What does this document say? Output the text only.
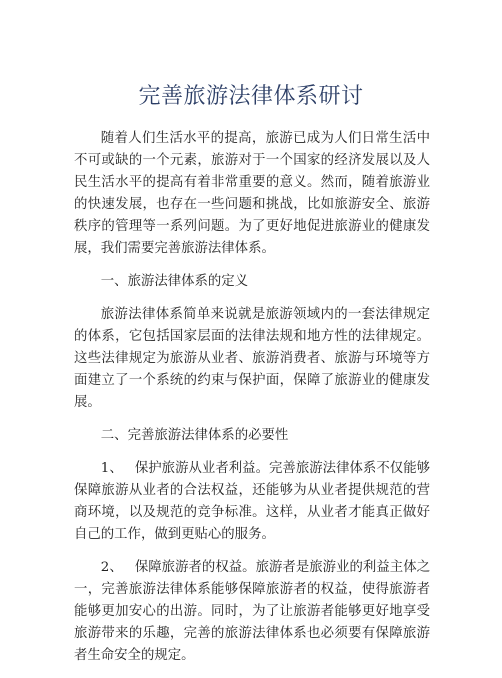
完善旅游法律体系研讨

随着人们生活水平的提高，旅游已成为人们日常生活中不可或缺的一个元素，旅游对于一个国家的经济发展以及人民生活水平的提高有着非常重要的意义。然而，随着旅游业的快速发展，也存在一些问题和挑战，比如旅游安全、旅游秩序的管理等一系列问题。为了更好地促进旅游业的健康发展，我们需要完善旅游法律体系。

一、旅游法律体系的定义

旅游法律体系简单来说就是旅游领域内的一套法律规定的体系，它包括国家层面的法律法规和地方性的法律规定。这些法律规定为旅游从业者、旅游消费者、旅游与环境等方面建立了一个系统的约束与保护面，保障了旅游业的健康发展。

二、完善旅游法律体系的必要性

1、 保护旅游从业者利益。完善旅游法律体系不仅能够保障旅游从业者的合法权益，还能够为从业者提供规范的营商环境，以及规范的竞争标准。这样，从业者才能真正做好自己的工作，做到更贴心的服务。

2、 保障旅游者的权益。旅游者是旅游业的利益主体之一，完善旅游法律体系能够保障旅游者的权益，使得旅游者能够更加安心的出游。同时，为了让旅游者能够更好地享受旅游带来的乐趣，完善的旅游法律体系也必须要有保障旅游者生命安全的规定。
